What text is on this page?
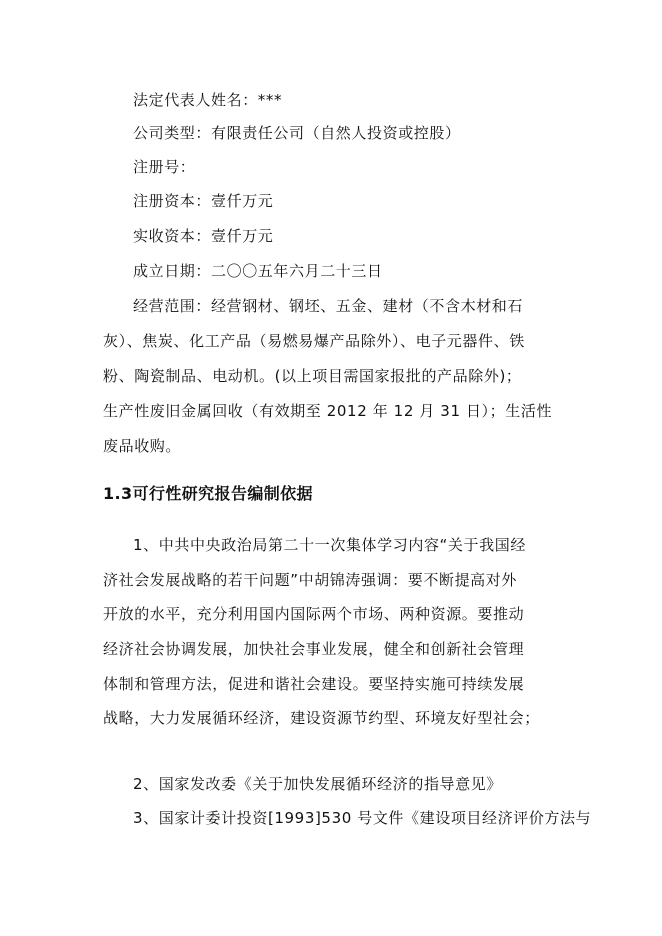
法定代表人姓名：***
公司类型：有限责任公司（自然人投资或控股）
注册号：
注册资本：壹仟万元
实收资本：壹仟万元
成立日期：二〇〇五年六月二十三日
经营范围：经营钢材、钢坯、五金、建材（不含木材和石
灰）、焦炭、化工产品（易燃易爆产品除外）、电子元器件、铁
粉、陶瓷制品、电动机。(以上项目需国家报批的产品除外)；
生产性废旧金属回收（有效期至 2012 年 12 月 31 日）；生活性
废品收购。
1.3可行性研究报告编制依据
1、中共中央政治局第二十一次集体学习内容“关于我国经
济社会发展战略的若干问题”中胡锦涛强调：要不断提高对外
开放的水平，充分利用国内国际两个市场、两种资源。要推动
经济社会协调发展，加快社会事业发展，健全和创新社会管理
体制和管理方法，促进和谐社会建设。要坚持实施可持续发展
战略，大力发展循环经济，建设资源节约型、环境友好型社会；
2、国家发改委《关于加快发展循环经济的指导意见》
3、国家计委计投资[1993]530 号文件《建设项目经济评价方法与
